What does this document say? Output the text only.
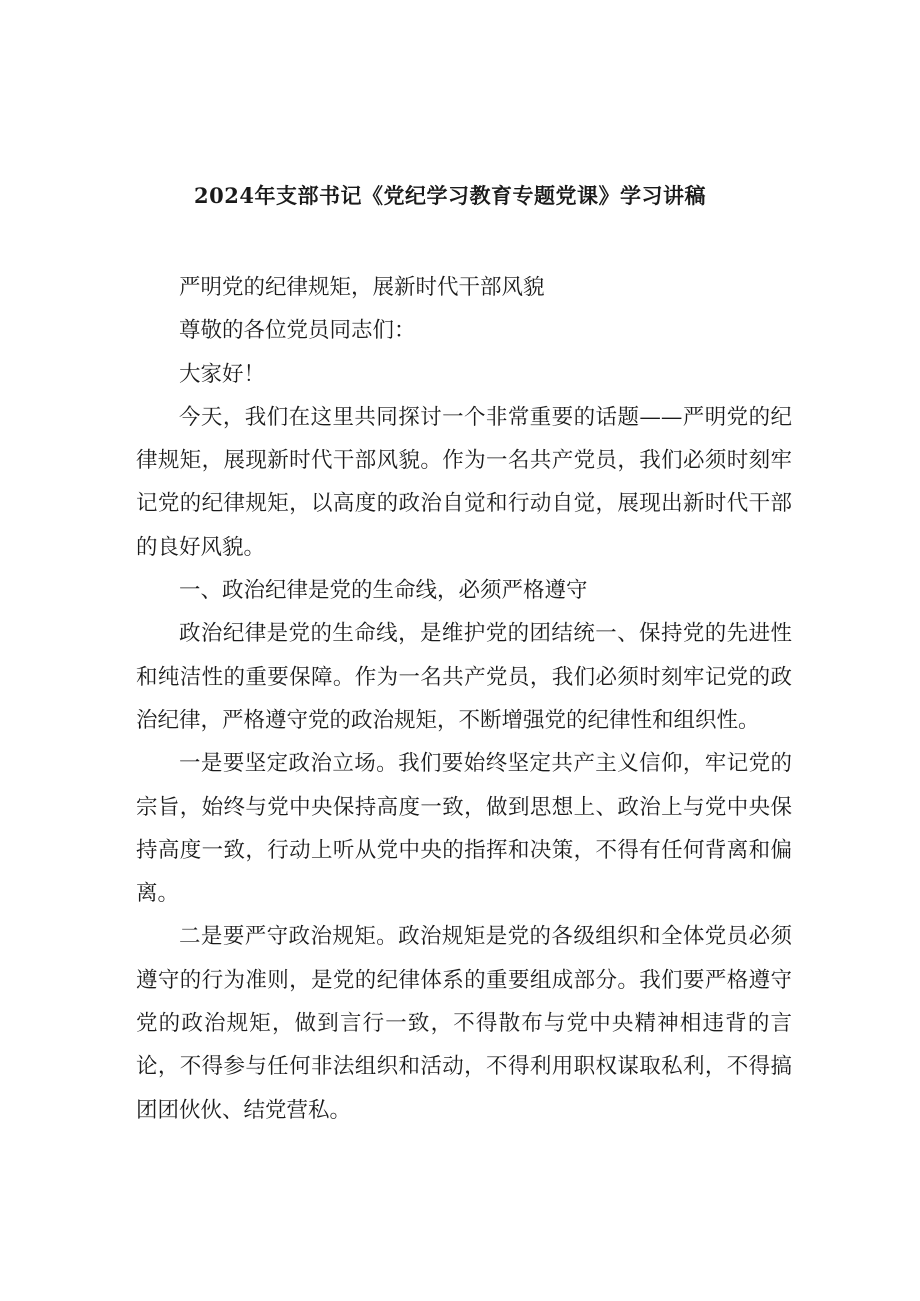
2024年支部书记《党纪学习教育专题党课》学习讲稿

严明党的纪律规矩，展新时代干部风貌

尊敬的各位党员同志们：

大家好！

今天，我们在这里共同探讨一个非常重要的话题——严明党的纪律规矩，展现新时代干部风貌。作为一名共产党员，我们必须时刻牢记党的纪律规矩，以高度的政治自觉和行动自觉，展现出新时代干部的良好风貌。

一、政治纪律是党的生命线，必须严格遵守

政治纪律是党的生命线，是维护党的团结统一、保持党的先进性和纯洁性的重要保障。作为一名共产党员，我们必须时刻牢记党的政治纪律，严格遵守党的政治规矩，不断增强党的纪律性和组织性。

一是要坚定政治立场。我们要始终坚定共产主义信仰，牢记党的宗旨，始终与党中央保持高度一致，做到思想上、政治上与党中央保持高度一致，行动上听从党中央的指挥和决策，不得有任何背离和偏离。

二是要严守政治规矩。政治规矩是党的各级组织和全体党员必须遵守的行为准则，是党的纪律体系的重要组成部分。我们要严格遵守党的政治规矩，做到言行一致，不得散布与党中央精神相违背的言论，不得参与任何非法组织和活动，不得利用职权谋取私利，不得搞团团伙伙、结党营私。
